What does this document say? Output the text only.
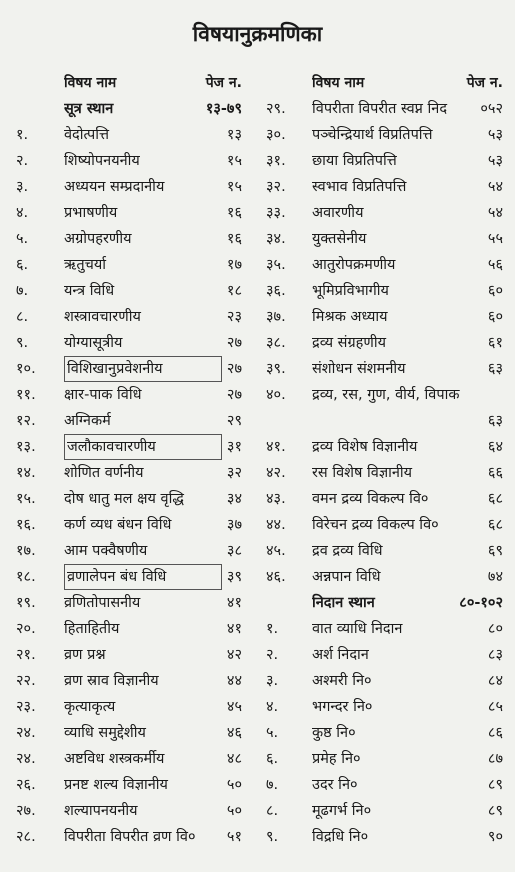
विषयानुक्रमणिका
विषय नाम	पेज न.
सूत्र स्थान	१३-७९
१. वेदोत्पत्ति	१३
२. शिष्योपनयनीय	१५
३. अध्ययन सम्प्रदानीय	१५
४. प्रभाषणीय	१६
५. अग्रोपहरणीय	१६
६. ऋतुचर्या	१७
७. यन्त्र विधि	१८
८. शस्त्रावचारणीय	२३
९. योग्यासूत्रीय	२७
१०. विशिखानुप्रवेशनीय	२७
११. क्षार-पाक विधि	२७
१२. अग्निकर्म	२९
१३. जलौकावचारणीय	३१
१४. शोणित वर्णनीय	३२
१५. दोष धातु मल क्षय वृद्धि	३४
१६. कर्ण व्यध बंधन विधि	३७
१७. आम पक्वैषणीय	३८
१८. व्रणालेपन बंध विधि	३९
१९. व्रणितोपासनीय	४१
२०. हिताहितीय	४१
२१. व्रण प्रश्न	४२
२२. व्रण स्राव विज्ञानीय	४४
२३. कृत्याकृत्य	४५
२४. व्याधि समुद्देशीय	४६
२४. अष्टविध शस्त्रकर्मीय	४८
२६. प्रनष्ट शल्य विज्ञानीय	५०
२७. शल्यापनयनीय	५०
२८. विपरीता विपरीत व्रण वि०	५१
विषय नाम	पेज न.
२९. विपरीता विपरीत स्वप्न निद	०५२
३०. पञ्चेन्द्रियार्थ विप्रतिपत्ति	५३
३१. छाया विप्रतिपत्ति	५३
३२. स्वभाव विप्रतिपत्ति	५४
३३. अवारणीय	५४
३४. युक्तसेनीय	५५
३५. आतुरोपक्रमणीय	५६
३६. भूमिप्रविभागीय	६०
३७. मिश्रक अध्याय	६०
३८. द्रव्य संग्रहणीय	६१
३९. संशोधन संशमनीय	६३
४०. द्रव्य, रस, गुण, वीर्य, विपाक
६३
४१. द्रव्य विशेष विज्ञानीय	६४
४२. रस विशेष विज्ञानीय	६६
४३. वमन द्रव्य विकल्प वि०	६८
४४. विरेचन द्रव्य विकल्प वि०	६८
४५. द्रव द्रव्य विधि	६९
४६. अन्नपान विधि	७४
निदान स्थान	८०-१०२
१. वात व्याधि निदान	८०
२. अर्श निदान	८३
३. अश्मरी नि०	८४
४. भगन्दर नि०	८५
५. कुष्ठ नि०	८६
६. प्रमेह नि०	८७
७. उदर नि०	८९
८. मूढगर्भ नि०	८९
९. विद्रधि नि०	९०
